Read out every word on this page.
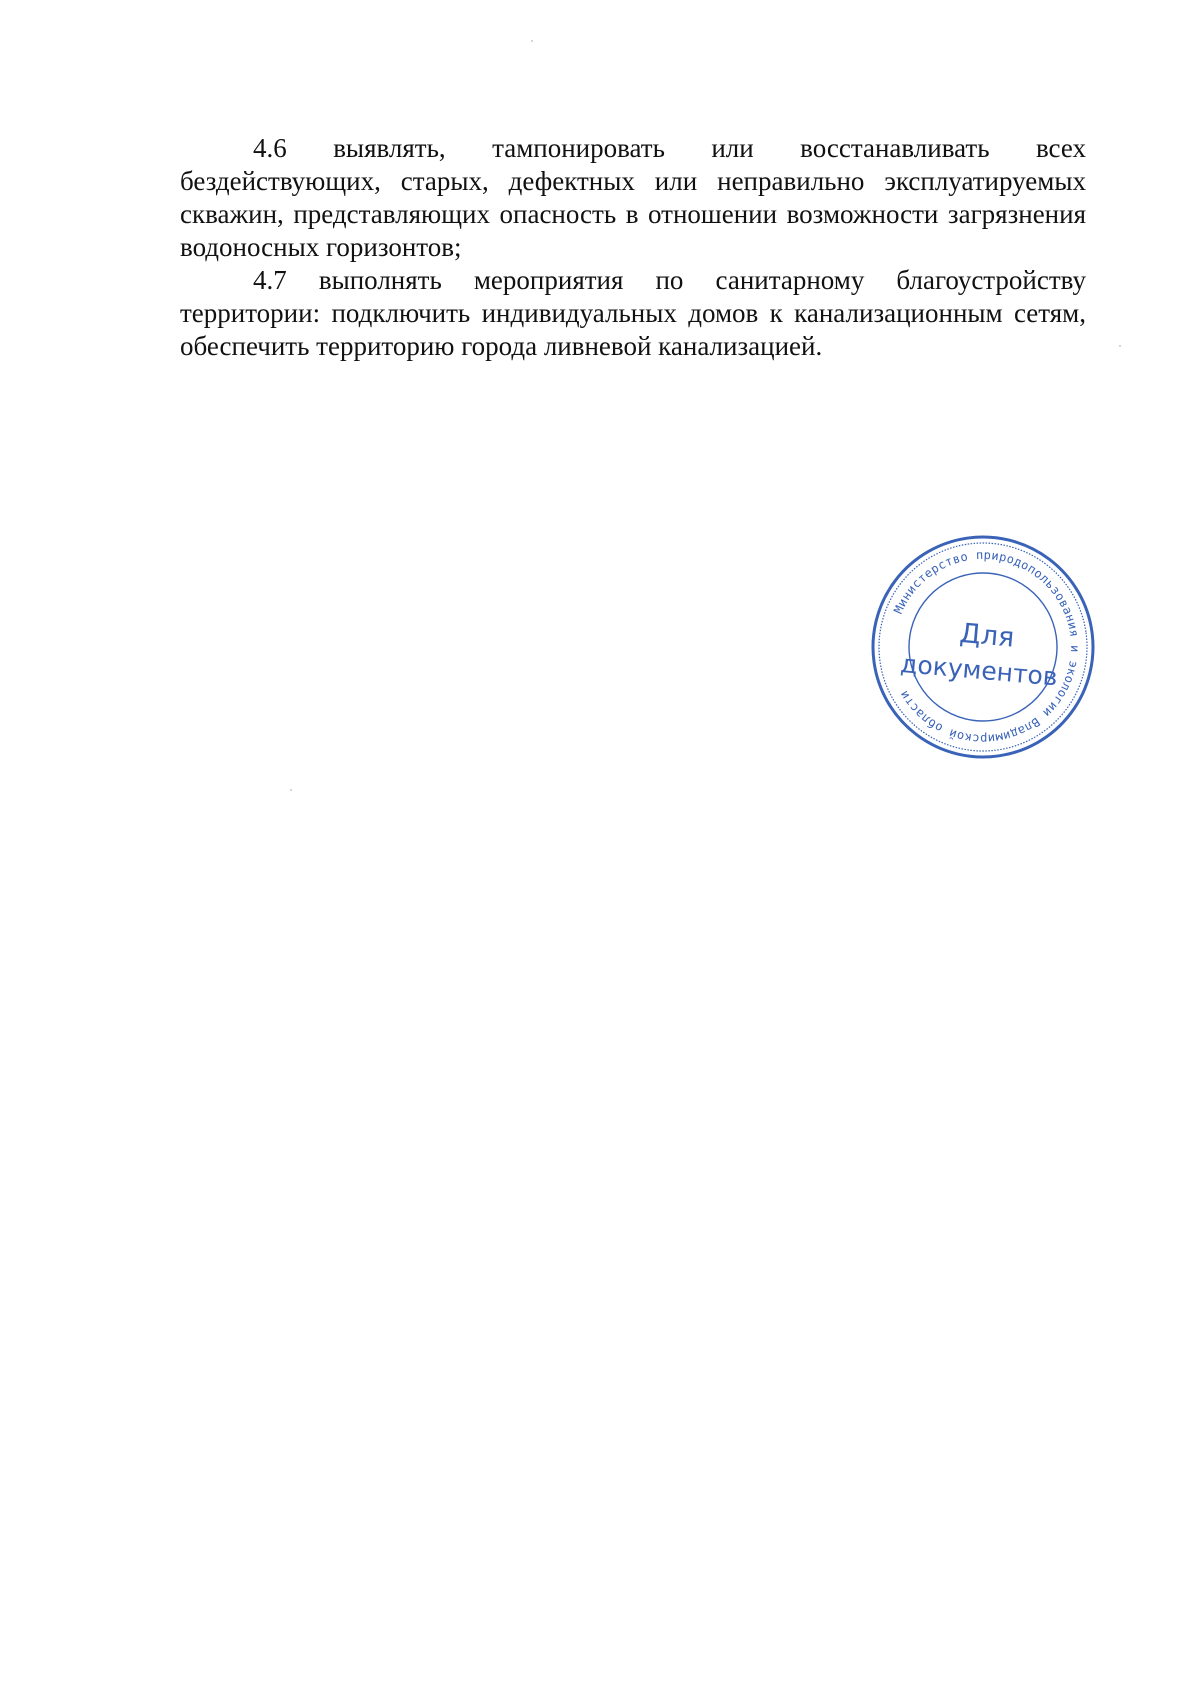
4.6 выявлять, тампонировать или восстанавливать всех бездействующих, старых, дефектных или неправильно эксплуатируемых скважин, представляющих опасность в отношении возможности загрязнения водоносных горизонтов;

4.7 выполнять мероприятия по санитарному благоустройству территории: подключить индивидуальных домов к канализационным сетям, обеспечить территорию города ливневой канализацией.

Министерство природопользования и экологии Владимирской области
Для
документов
